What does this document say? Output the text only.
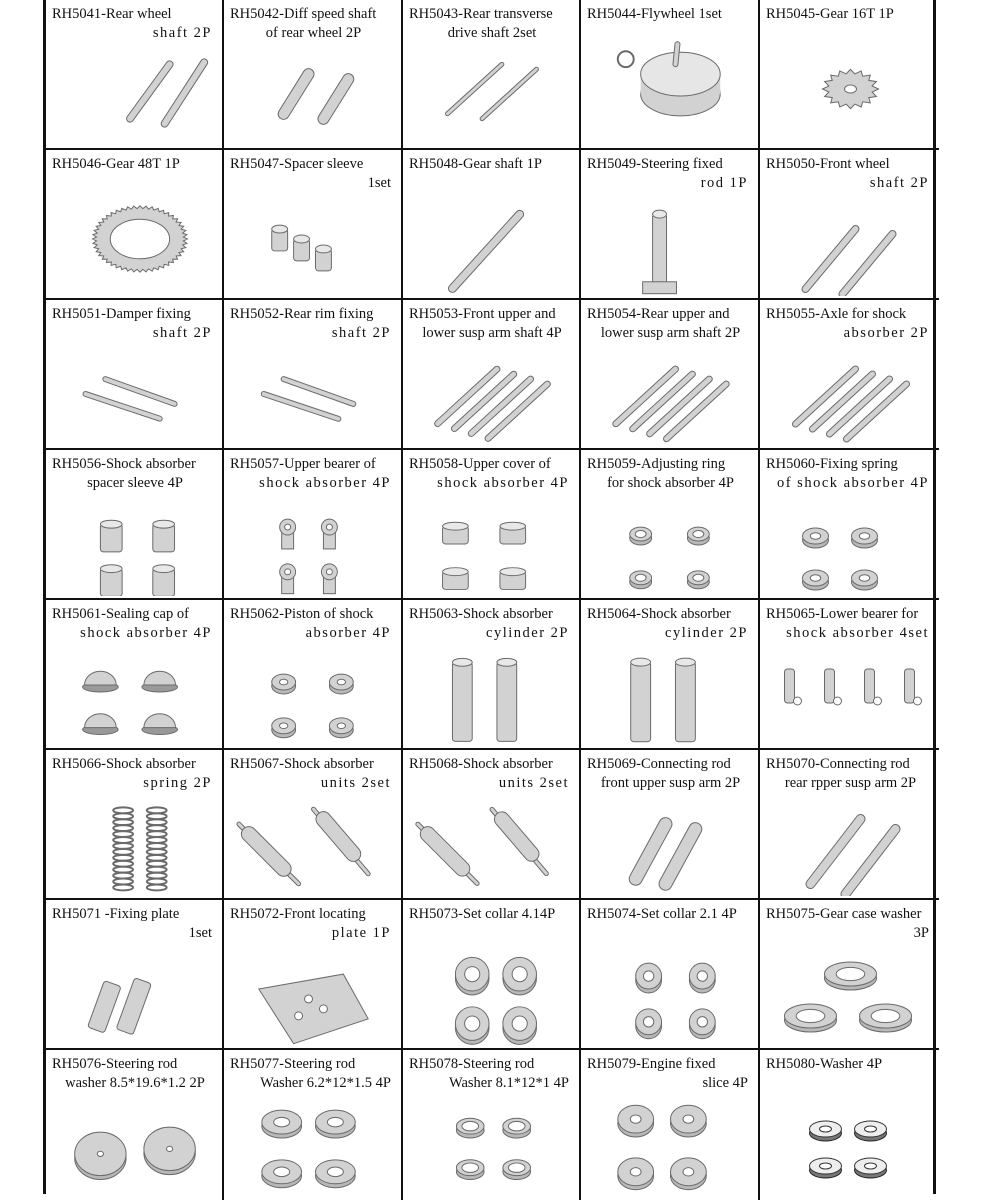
RH5041-Rear wheel
shaft 2P
RH5042-Diff speed shaft
of rear wheel 2P
RH5043-Rear transverse
drive shaft 2set
RH5044-Flywheel 1set	RH5045-Gear 16T 1P
RH5046-Gear 48T 1P	RH5047-Spacer sleeve
1set
RH5048-Gear shaft 1P	RH5049-Steering fixed
rod 1P
RH5050-Front wheel
shaft 2P
RH5051-Damper fixing
shaft 2P
RH5052-Rear rim fixing
shaft 2P
RH5053-Front upper and
lower susp arm shaft 4P
RH5054-Rear upper and
lower susp arm shaft 2P
RH5055-Axle for shock
absorber 2P
RH5056-Shock absorber
spacer sleeve 4P
RH5057-Upper bearer of
shock absorber 4P
RH5058-Upper cover of
shock absorber 4P
RH5059-Adjusting ring
for shock absorber 4P
RH5060-Fixing spring
of shock absorber 4P
RH5061-Sealing cap of
shock absorber 4P
RH5062-Piston of shock
absorber 4P
RH5063-Shock absorber
cylinder 2P
RH5064-Shock absorber
cylinder 2P
RH5065-Lower bearer for
shock absorber 4set
RH5066-Shock absorber
spring 2P
RH5067-Shock absorber
units 2set
RH5068-Shock absorber
units 2set
RH5069-Connecting rod
front upper susp arm 2P
RH5070-Connecting rod
rear rpper susp arm 2P
RH5071 -Fixing plate
1set
RH5072-Front locating
plate 1P
RH5073-Set collar 4.14P	RH5074-Set collar 2.1 4P	RH5075-Gear case washer
3P
RH5076-Steering rod
washer 8.5*19.6*1.2 2P
RH5077-Steering rod
Washer 6.2*12*1.5 4P
RH5078-Steering rod
Washer 8.1*12*1 4P
RH5079-Engine fixed
slice 4P
RH5080-Washer 4P
